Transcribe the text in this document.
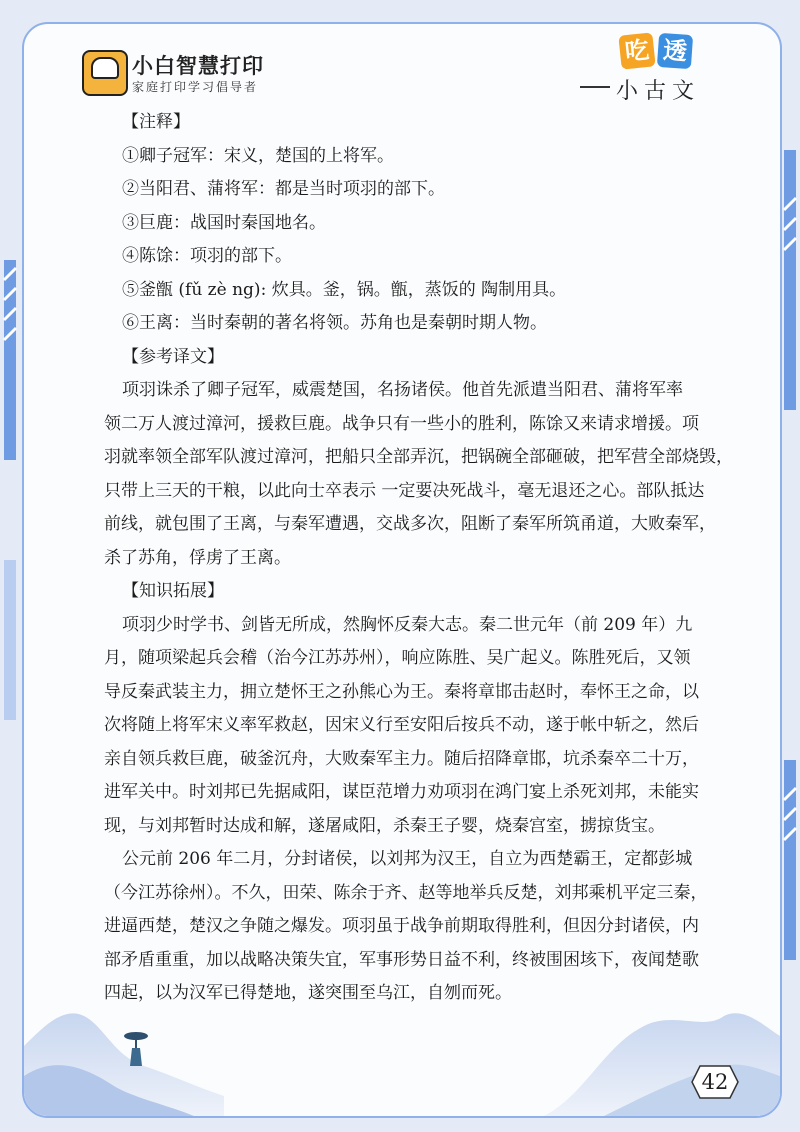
小白智慧打印
家庭打印学习倡导者
吃 透
小古文
【注释】
①卿子冠军：宋义，楚国的上将军。
②当阳君、蒲将军：都是当时项羽的部下。
③巨鹿：战国时秦国地名。
④陈馀：项羽的部下。
⑤釜甑 (fǔ zè ng): 炊具。釜，锅。甑，蒸饭的 陶制用具。
⑥王离：当时秦朝的著名将领。苏角也是秦朝时期人物。
【参考译文】
项羽诛杀了卿子冠军，威震楚国，名扬诸侯。他首先派遣当阳君、蒲将军率
领二万人渡过漳河，援救巨鹿。战争只有一些小的胜利，陈馀又来请求增援。项
羽就率领全部军队渡过漳河，把船只全部弄沉，把锅碗全部砸破，把军营全部烧毁，
只带上三天的干粮，以此向士卒表示 一定要决死战斗，毫无退还之心。部队抵达
前线，就包围了王离，与秦军遭遇，交战多次，阻断了秦军所筑甬道，大败秦军，
杀了苏角，俘虏了王离。
【知识拓展】
项羽少时学书、剑皆无所成，然胸怀反秦大志。秦二世元年（前 209 年）九
月，随项梁起兵会稽（治今江苏苏州），响应陈胜、吴广起义。陈胜死后，又领
导反秦武装主力，拥立楚怀王之孙熊心为王。秦将章邯击赵时，奉怀王之命，以
次将随上将军宋义率军救赵，因宋义行至安阳后按兵不动，遂于帐中斩之，然后
亲自领兵救巨鹿，破釜沉舟，大败秦军主力。随后招降章邯，坑杀秦卒二十万，
进军关中。时刘邦已先据咸阳，谋臣范增力劝项羽在鸿门宴上杀死刘邦，未能实
现，与刘邦暂时达成和解，遂屠咸阳，杀秦王子婴，烧秦宫室，掳掠货宝。
公元前 206 年二月，分封诸侯，以刘邦为汉王，自立为西楚霸王，定都彭城
（今江苏徐州）。不久，田荣、陈余于齐、赵等地举兵反楚，刘邦乘机平定三秦，
进逼西楚，楚汉之争随之爆发。项羽虽于战争前期取得胜利，但因分封诸侯，内
部矛盾重重，加以战略决策失宜，军事形势日益不利，终被围困垓下，夜闻楚歌
四起，以为汉军已得楚地，遂突围至乌江，自刎而死。
42
